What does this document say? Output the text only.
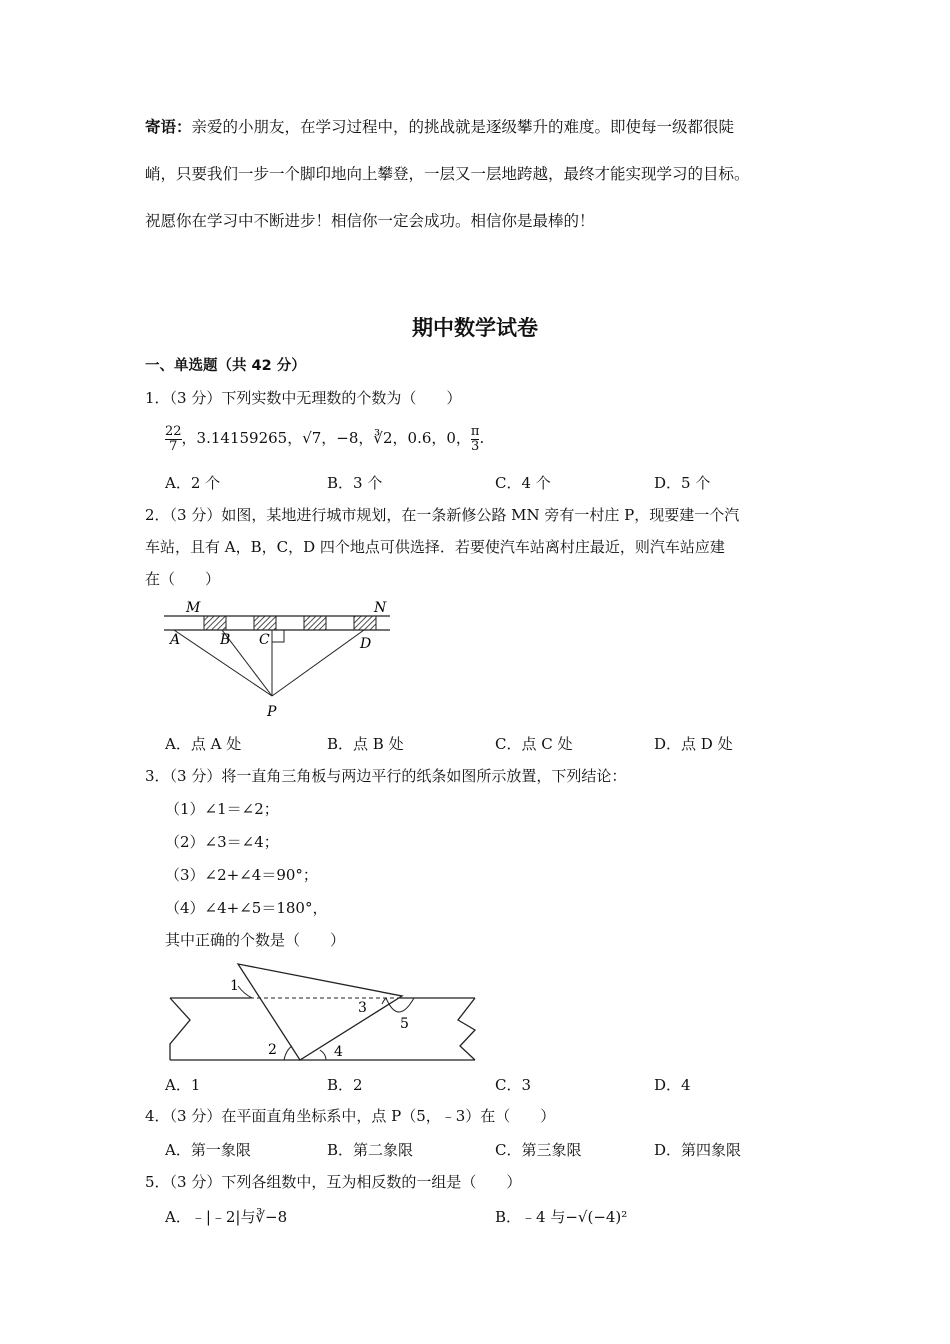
寄语：亲爱的小朋友，在学习过程中，的挑战就是逐级攀升的难度。即使每一级都很陡
峭，只要我们一步一个脚印地向上攀登，一层又一层地跨越，最终才能实现学习的目标。
祝愿你在学习中不断进步！相信你一定会成功。相信你是最棒的！
期中数学试卷
一、单选题（共 42 分）
1．（3 分）下列实数中无理数的个数为（　　）
$\frac{22}{7}$ ，3.14159265，√7，−8，∛2，0.6，0， $\frac{\pi}{3}$ .
A．2 个	B．3 个	C．4 个	D．5 个
2．（3 分）如图，某地进行城市规划，在一条新修公路 MN 旁有一村庄 P，现要建一个汽
车站，且有 A，B，C，D 四个地点可供选择．若要使汽车站离村庄最近，则汽车站应建
在（　　）
M	N
A	B C	D
P
A．点 A 处	B．点 B 处	C．点 C 处	D．点 D 处
3．（3 分）将一直角三角板与两边平行的纸条如图所示放置，下列结论：
（1）∠1＝∠2；
（2）∠3＝∠4；
（3）∠2+∠4＝90°；
（4）∠4+∠5＝180°，
其中正确的个数是（　　）
1
2
3
4
5
A．1	B．2	C．3	D．4
4．（3 分）在平面直角坐标系中，点 P（5，﹣3）在（　　）
A．第一象限	B．第二象限	C．第三象限	D．第四象限
5．（3 分）下列各组数中，互为相反数的一组是（　　）
A．﹣|﹣2|与∛−8	B．﹣4 与−√(−4)²
